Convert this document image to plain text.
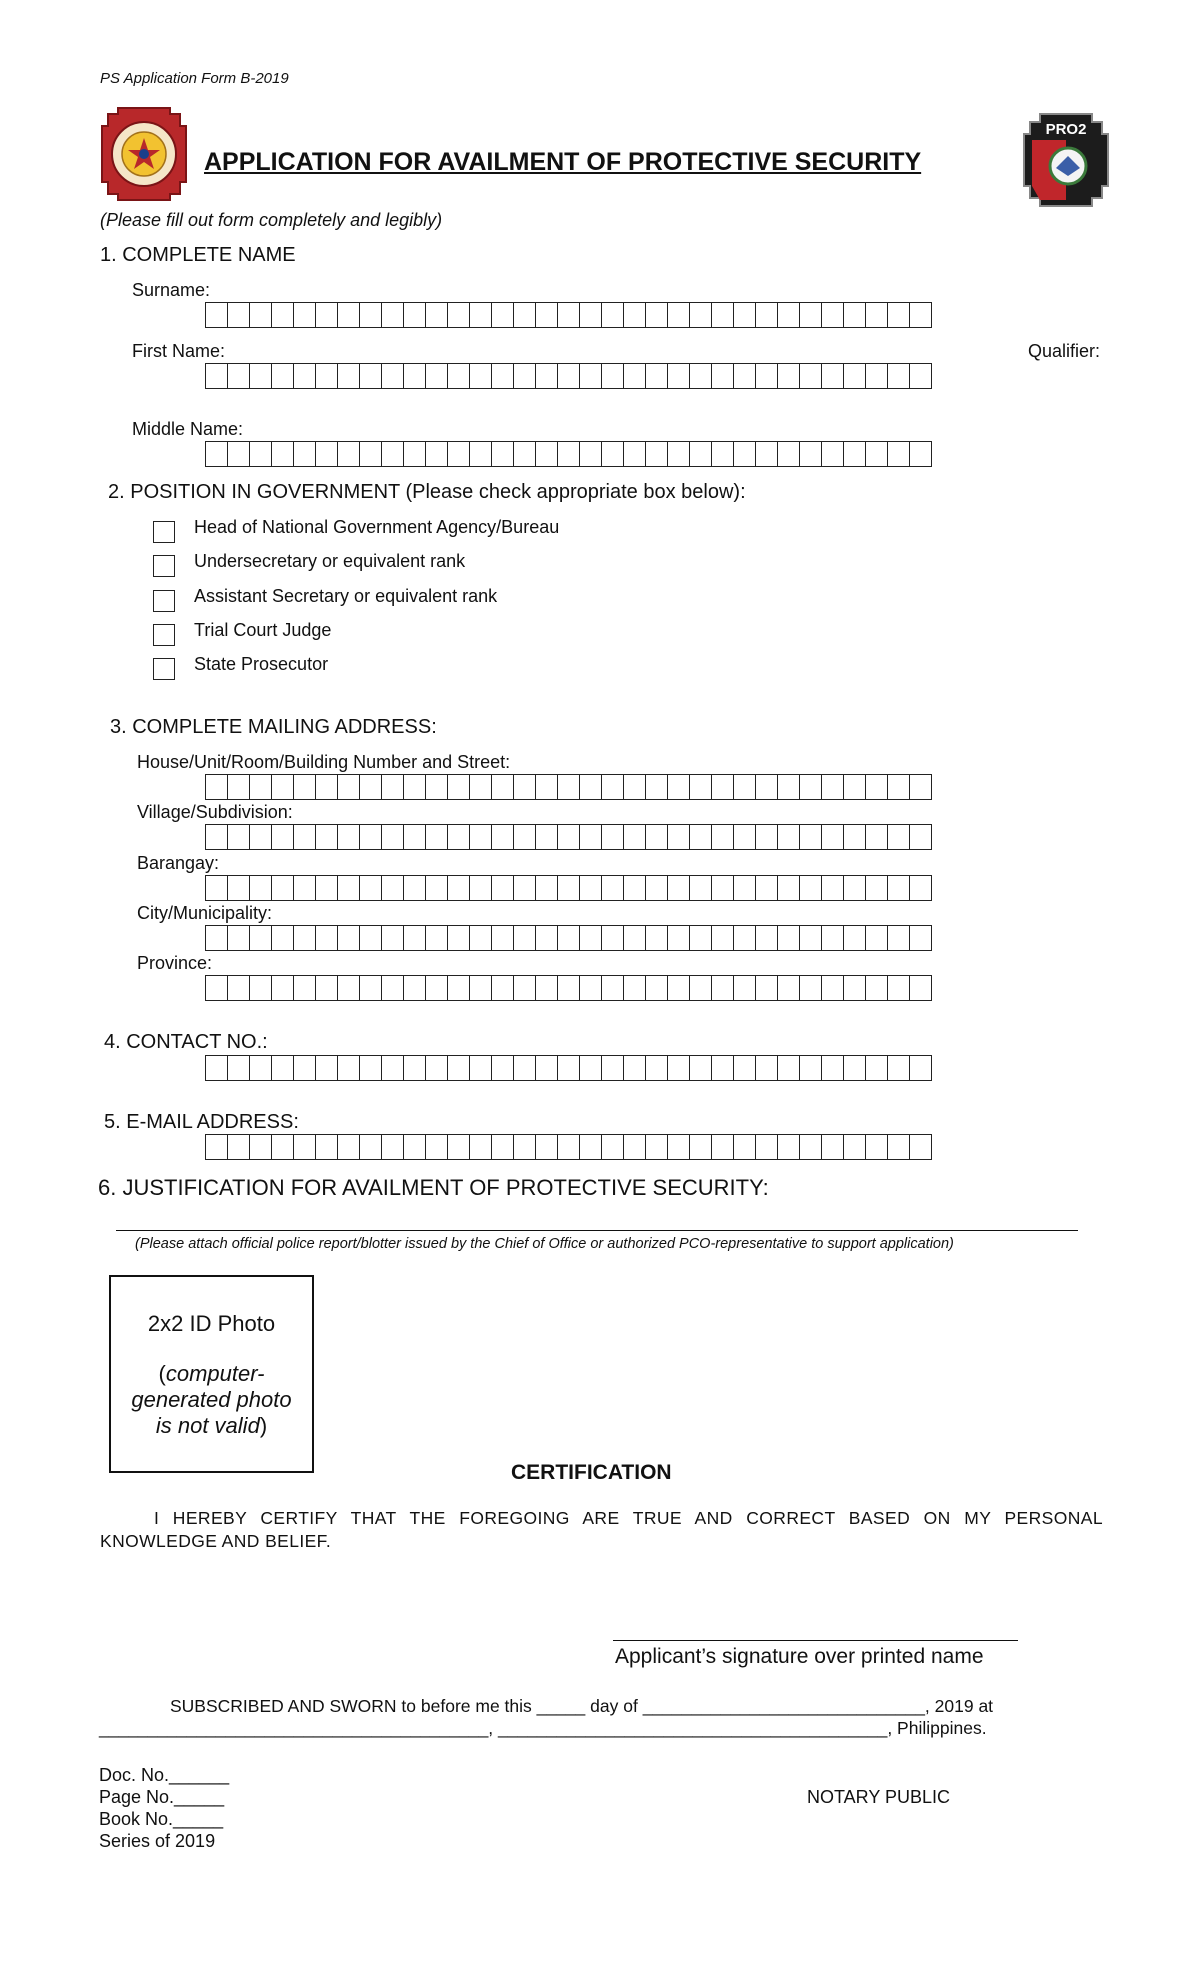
PS Application Form B-2019
PRO2
APPLICATION FOR AVAILMENT OF PROTECTIVE SECURITY
(Please fill out form completely and legibly)
1. COMPLETE NAME
Surname:
First Name:	Qualifier:
Middle Name:
2. POSITION IN GOVERNMENT (Please check appropriate box below):
Head of National Government Agency/Bureau
Undersecretary or equivalent rank
Assistant Secretary or equivalent rank
Trial Court Judge
State Prosecutor
3. COMPLETE MAILING ADDRESS:
House/Unit/Room/Building Number and Street:
Village/Subdivision:
Barangay:
City/Municipality:
Province:
4. CONTACT NO.:
5. E-MAIL ADDRESS:
6. JUSTIFICATION FOR AVAILMENT OF PROTECTIVE SECURITY:
(Please attach official police report/blotter issued by the Chief of Office or authorized PCO-representative to support application)
2x2 ID Photo
(computer-
generated photo
is not valid)
CERTIFICATION
I HEREBY CERTIFY THAT THE FOREGOING ARE TRUE AND CORRECT BASED ON MY PERSONAL
KNOWLEDGE AND BELIEF.
Applicant’s signature over printed name
SUBSCRIBED AND SWORN to before me this _____ day of _____________________________, 2019 at
________________________________________, ________________________________________, Philippines.
Doc. No.______
Page No._____
Book No._____
Series of 2019
NOTARY PUBLIC
